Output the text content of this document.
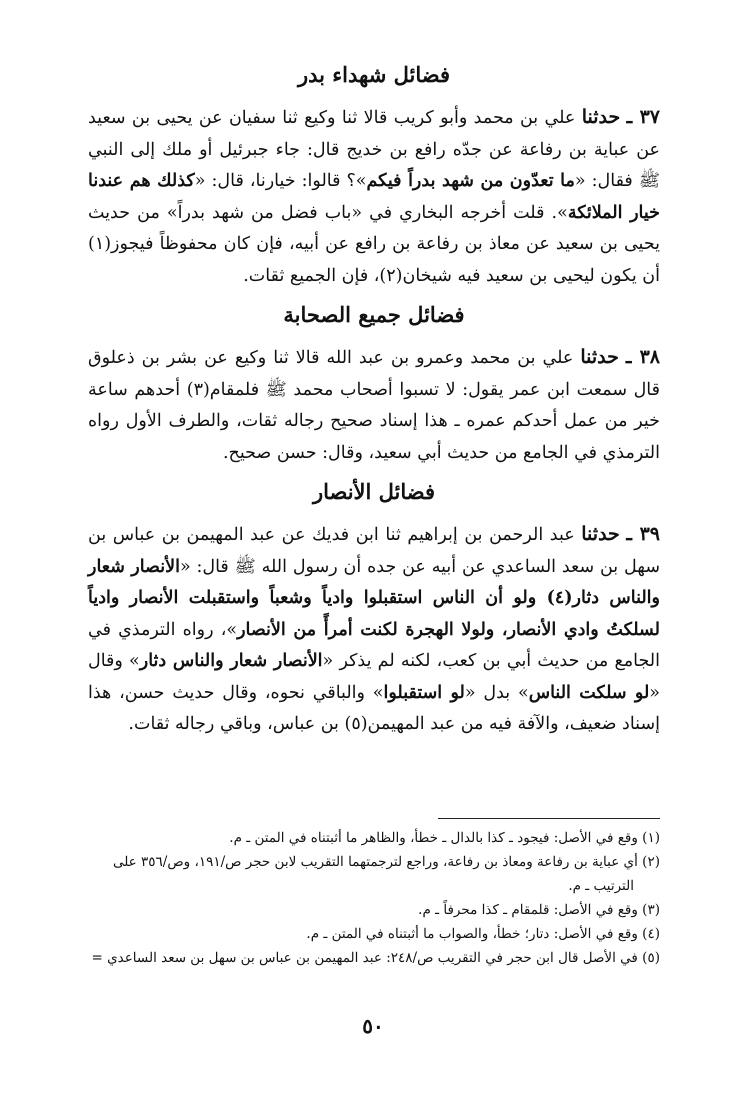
فضائل شهداء بدر

٣٧ ـ حدثنا علي بن محمد وأبو كريب قالا ثنا وكيع ثنا سفيان عن يحيى بن سعيد عن عباية بن رفاعة عن جدّه رافع بن خديج قال: جاء جبرئيل أو ملك إلى النبي ﷺ فقال: «ما تعدّون من شهد بدراً فيكم»؟ قالوا: خيارنا، قال: «كذلك هم عندنا خيار الملائكة». قلت أخرجه البخاري في «باب فضل من شهد بدراً» من حديث يحيى بن سعيد عن معاذ بن رفاعة بن رافع عن أبيه، فإن كان محفوظاً فيجوز(١) أن يكون ليحيى بن سعيد فيه شيخان(٢)، فإن الجميع ثقات.

فضائل جميع الصحابة

٣٨ ـ حدثنا علي بن محمد وعمرو بن عبد الله قالا ثنا وكيع عن بشر بن ذعلوق قال سمعت ابن عمر يقول: لا تسبوا أصحاب محمد ﷺ فلمقام(٣) أحدهم ساعة خير من عمل أحدكم عمره ـ هذا إسناد صحيح رجاله ثقات، والطرف الأول رواه الترمذي في الجامع من حديث أبي سعيد، وقال: حسن صحيح.

فضائل الأنصار

٣٩ ـ حدثنا عبد الرحمن بن إبراهيم ثنا ابن فديك عن عبد المهيمن بن عباس بن سهل بن سعد الساعدي عن أبيه عن جده أن رسول الله ﷺ قال: «الأنصار شعار والناس دثار(٤) ولو أن الناس استقبلوا وادياً وشعباً واستقبلت الأنصار وادياً لسلكتُ وادي الأنصار، ولولا الهجرة لكنت أمرأً من الأنصار»، رواه الترمذي في الجامع من حديث أبي بن كعب، لكنه لم يذكر «الأنصار شعار والناس دثار» وقال «لو سلكت الناس» بدل «لو استقبلوا» والباقي نحوه، وقال حديث حسن، هذا إسناد ضعيف، والآفة فيه من عبد المهيمن(٥) بن عباس، وباقي رجاله ثقات.

(١) وقع في الأصل: فيجود ـ كذا بالدال ـ خطأ، والظاهر ما أثبتناه في المتن ـ م.

(٢) أي عباية بن رفاعة ومعاذ بن رفاعة، وراجع لترجمتهما التقريب لابن حجر ص/١٩١، وص/٣٥٦ على
الترتيب ـ م.

(٣) وقع في الأصل: قلمقام ـ كذا محرفاً ـ م.

(٤) وقع في الأصل: دتار؛ خطأ، والصواب ما أثبتناه في المتن ـ م.

(٥) في الأصل قال ابن حجر في التقريب ص/٢٤٨: عبد المهيمن بن عباس بن سهل بن سعد الساعدي =

٥٠
